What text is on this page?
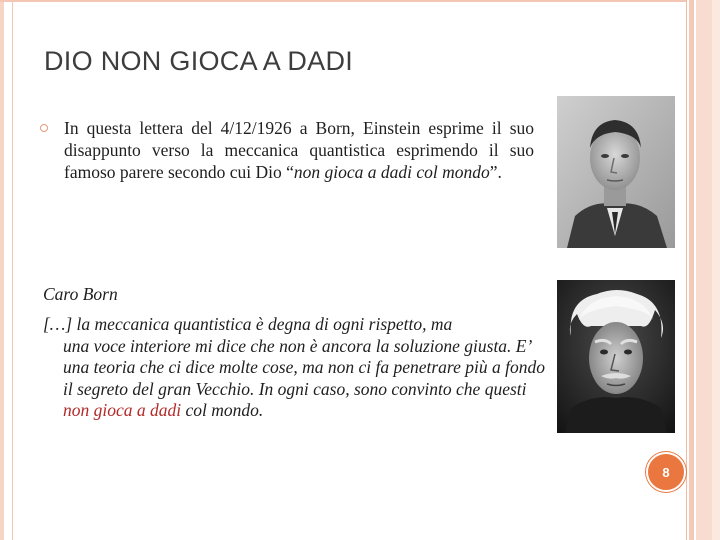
DIO NON GIOCA A DADI
In questa lettera del 4/12/1926 a Born, Einstein esprime il suo disappunto verso la meccanica quantistica esprimendo il suo famoso parere secondo cui Dio “non gioca a dadi col mondo”.
Caro Born
[…] la meccanica quantistica è degna di ogni rispetto, ma
una voce interiore mi dice che non è ancora la soluzione giusta. E’ una teoria che ci dice molte cose, ma non ci fa penetrare più a fondo il segreto del gran Vecchio. In ogni caso, sono convinto che questi non gioca a dadi col mondo.
8
